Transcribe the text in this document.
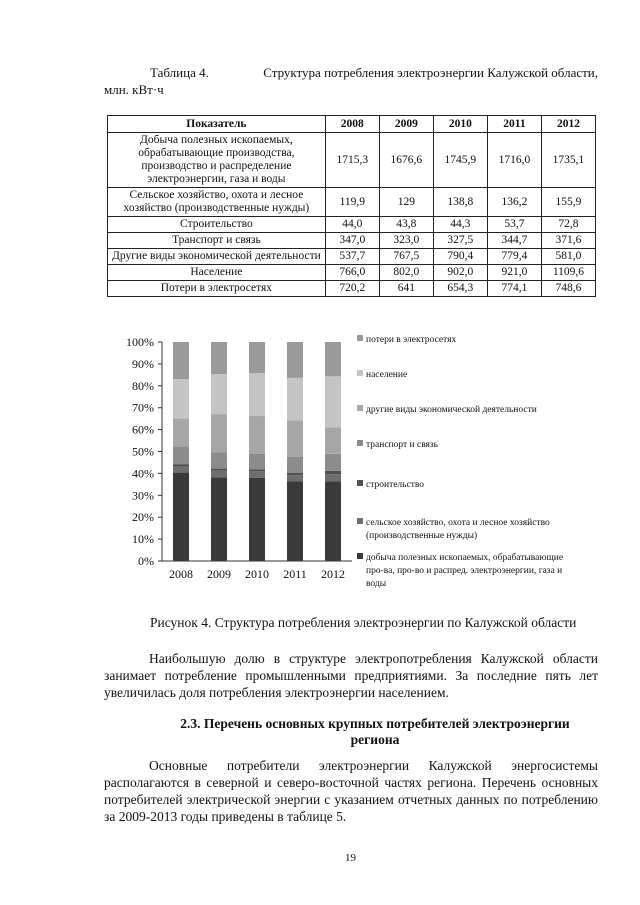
Таблица 4.	Структура потребления электроэнергии Калужской области,
млн. кВт·ч
Показатель	2008	2009	2010	2011	2012
Добыча полезных ископаемых, обрабатывающие производства, производство и распределение электроэнергии, газа и воды	1715,3	1676,6	1745,9	1716,0	1735,1
Сельское хозяйство, охота и лесное хозяйство (производственные нужды)	119,9	129	138,8	136,2	155,9
Строительство	44,0	43,8	44,3	53,7	72,8
Транспорт и связь	347,0	323,0	327,5	344,7	371,6
Другие виды экономической деятельности	537,7	767,5	790,4	779,4	581,0
Население	766,0	802,0	902,0	921,0	1109,6
Потери в электросетях	720,2	641	654,3	774,1	748,6
0%
10%
20%
30%
40%
50%
60%
70%
80%
90%
100%
2008 2009 2010 2011 2012
потери в электросетях
население
другие виды экономической деятельности
транспорт и связь
строительство
сельское хозяйство, охота и лесное хозяйство
(производственные нужды)
добыча полезных ископаемых, обрабатывающие
про-ва, про-во и распред. электроэнергии, газа и
воды
Рисунок 4. Структура потребления электроэнергии по Калужской области
Наибольшую долю в структуре электропотребления Калужской области занимает потребление промышленными предприятиями. За последние пять лет увеличилась доля потребления электроэнергии населением.
2.3. Перечень основных крупных потребителей электроэнергии региона
Основные потребители электроэнергии Калужской энергосистемы располагаются в северной и северо-восточной частях региона. Перечень основных потребителей электрической энергии с указанием отчетных данных по потреблению за 2009-2013 годы приведены в таблице 5.
19
